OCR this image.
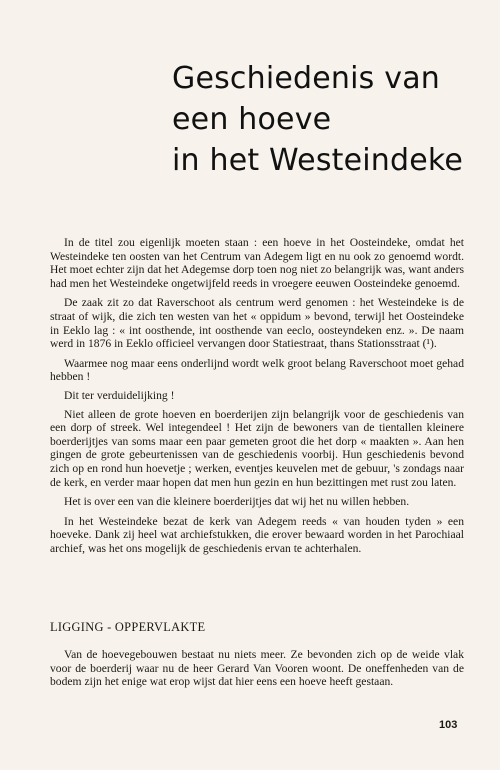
Geschiedenis van
een hoeve
in het Westeindeke

In de titel zou eigenlijk moeten staan : een hoeve in het Oosteindeke, omdat het Westeindeke ten oosten van het Centrum van Adegem ligt en nu ook zo genoemd wordt. Het moet echter zijn dat het Adegemse dorp toen nog niet zo belangrijk was, want anders had men het Westeindeke ongetwijfeld reeds in vroegere eeuwen Oosteindeke genoemd.

De zaak zit zo dat Raverschoot als centrum werd genomen : het Westeindeke is de straat of wijk, die zich ten westen van het « oppidum » bevond, terwijl het Oosteindeke in Eeklo lag : « int oosthende, int oosthende van eeclo, oosteyndeken enz. ». De naam werd in 1876 in Eeklo officieel vervangen door Statiestraat, thans Stationsstraat (¹).

Waarmee nog maar eens onderlijnd wordt welk groot belang Raverschoot moet gehad hebben !

Dit ter verduidelijking !

Niet alleen de grote hoeven en boerderijen zijn belangrijk voor de geschiedenis van een dorp of streek. Wel integendeel ! Het zijn de bewoners van de tientallen kleinere boerderijtjes van soms maar een paar gemeten groot die het dorp « maakten ». Aan hen gingen de grote gebeurtenissen van de geschiedenis voorbij. Hun geschiedenis bevond zich op en rond hun hoevetje ; werken, eventjes keuvelen met de gebuur, 's zondags naar de kerk, en verder maar hopen dat men hun gezin en hun bezittingen met rust zou laten.

Het is over een van die kleinere boerderijtjes dat wij het nu willen hebben.

In het Westeindeke bezat de kerk van Adegem reeds « van houden tyden » een hoeveke. Dank zij heel wat archiefstukken, die erover bewaard worden in het Parochiaal archief, was het ons mogelijk de geschiedenis ervan te achterhalen.

LIGGING - OPPERVLAKTE

Van de hoevegebouwen bestaat nu niets meer. Ze bevonden zich op de weide vlak voor de boerderij waar nu de heer Gerard Van Vooren woont. De oneffenheden van de bodem zijn het enige wat erop wijst dat hier eens een hoeve heeft gestaan.

103
